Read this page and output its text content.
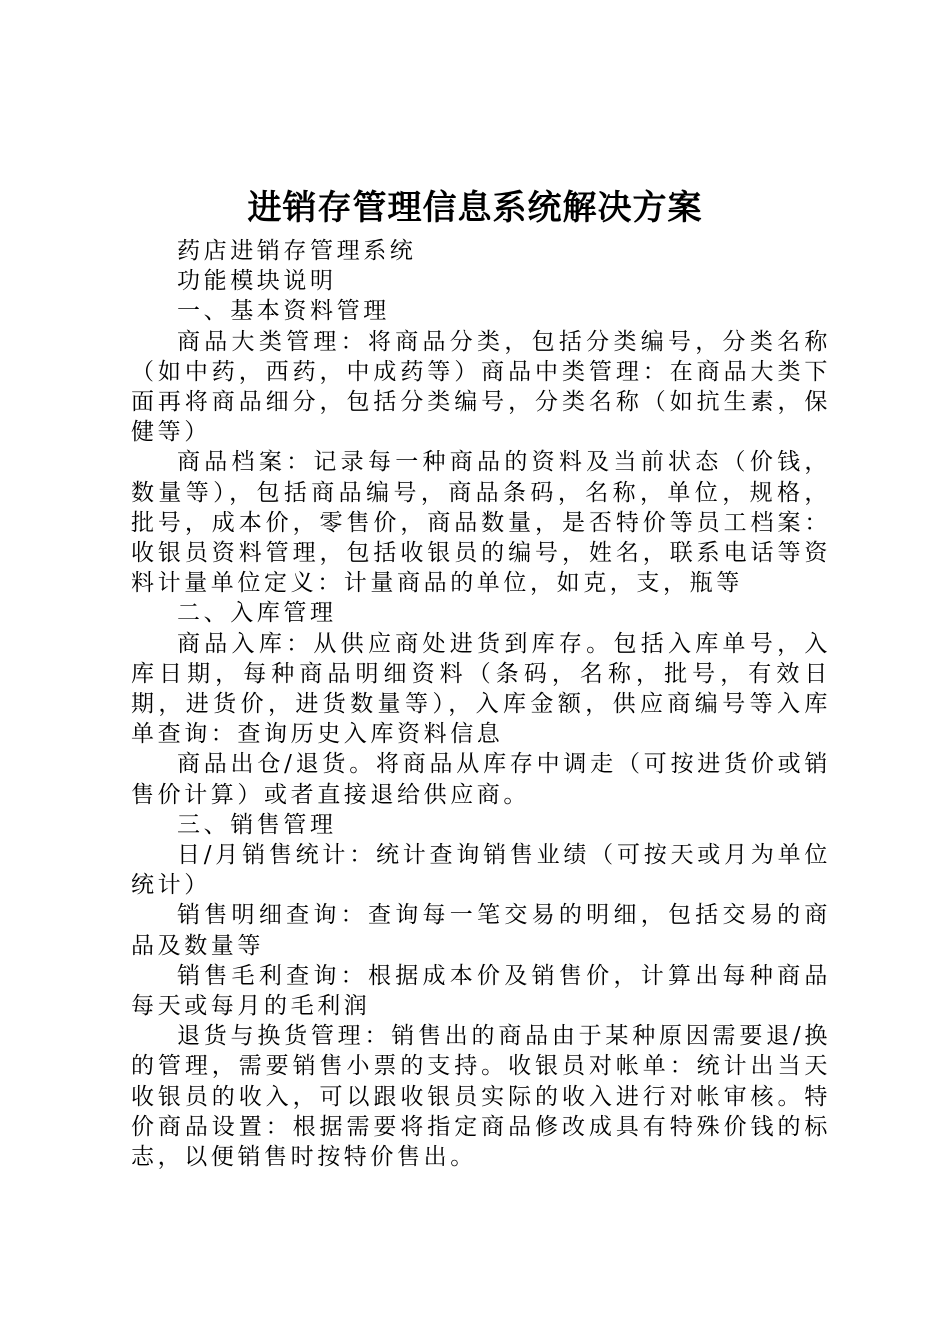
进销存管理信息系统解决方案

药店进销存管理系统

功能模块说明

一、基本资料管理

商品大类管理：将商品分类，包括分类编号，分类名称（如中药，西药，中成药等）商品中类管理：在商品大类下面再将商品细分，包括分类编号，分类名称（如抗生素，保健等）

商品档案：记录每一种商品的资料及当前状态（价钱，数量等），包括商品编号，商品条码，名称，单位，规格，批号，成本价，零售价，商品数量，是否特价等员工档案：收银员资料管理，包括收银员的编号，姓名，联系电话等资料计量单位定义：计量商品的单位，如克，支，瓶等

二、入库管理

商品入库：从供应商处进货到库存。包括入库单号，入库日期，每种商品明细资料（条码，名称，批号，有效日期，进货价，进货数量等），入库金额，供应商编号等入库单查询：查询历史入库资料信息

商品出仓/退货。将商品从库存中调走（可按进货价或销售价计算）或者直接退给供应商。

三、销售管理

日/月销售统计：统计查询销售业绩（可按天或月为单位统计）

销售明细查询：查询每一笔交易的明细，包括交易的商品及数量等

销售毛利查询：根据成本价及销售价，计算出每种商品每天或每月的毛利润

退货与换货管理：销售出的商品由于某种原因需要退/换的管理，需要销售小票的支持。收银员对帐单：统计出当天收银员的收入，可以跟收银员实际的收入进行对帐审核。特价商品设置：根据需要将指定商品修改成具有特殊价钱的标志，以便销售时按特价售出。
